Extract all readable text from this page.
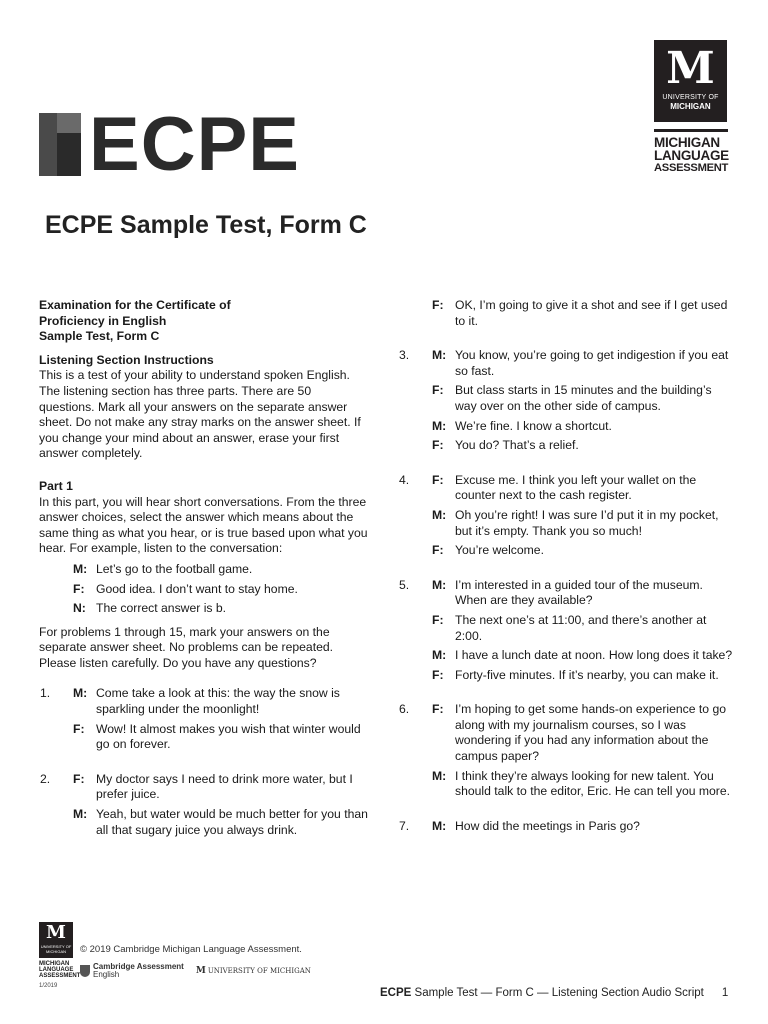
ECPE
M
UNIVERSITY OF
MICHIGAN
MICHIGAN
LANGUAGE
ASSESSMENT
ECPE Sample Test, Form C

Examination for the Certificate of

Proficiency in English

Sample Test, Form C

Listening Section Instructions

This is a test of your ability to understand spoken English. The listening section has three parts. There are 50 questions. Mark all your answers on the separate answer sheet. Do not make any stray marks on the answer sheet. If you change your mind about an answer, erase your first answer completely.

Part 1

In this part, you will hear short conversations. From the three answer choices, select the answer which means about the same thing as what you hear, or is true based upon what you hear. For example, listen to the conversation:

M: Let’s go to the football game.
F: Good idea. I don’t want to stay home.
N: The correct answer is b.

For problems 1 through 15, mark your answers on the separate answer sheet. No problems can be repeated. Please listen carefully. Do you have any questions?

1. M: Come take a look at this: the way the snow is sparkling under the moonlight!
F: Wow! It almost makes you wish that winter would go on forever.
2. F: My doctor says I need to drink more water, but I prefer juice.
M: Yeah, but water would be much better for you than all that sugary juice you always drink.
F: OK, I’m going to give it a shot and see if I get used to it.
3. M: You know, you’re going to get indigestion if you eat so fast.
F: But class starts in 15 minutes and the building’s way over on the other side of campus.
M: We’re fine. I know a shortcut.
F: You do? That’s a relief.
4. F: Excuse me. I think you left your wallet on the counter next to the cash register.
M: Oh you’re right! I was sure I’d put it in my pocket, but it’s empty. Thank you so much!
F: You’re welcome.
5. M: I’m interested in a guided tour of the museum. When are they available?
F: The next one’s at 11:00, and there’s another at 2:00.
M: I have a lunch date at noon. How long does it take?
F: Forty-five minutes. If it’s nearby, you can make it.
6. F: I’m hoping to get some hands-on experience to go along with my journalism courses, so I was wondering if you had any information about the campus paper?
M: I think they’re always looking for new talent. You should talk to the editor, Eric. He can tell you more.
7. M: How did the meetings in Paris go?
M
UNIVERSITY OF MICHIGAN
MICHIGAN
LANGUAGE
ASSESSMENT
1/2019
© 2019 Cambridge Michigan Language Assessment.
Cambridge Assessment
English	M UNIVERSITY OF MICHIGAN
ECPE Sample Test — Form C — Listening Section Audio Script 1
